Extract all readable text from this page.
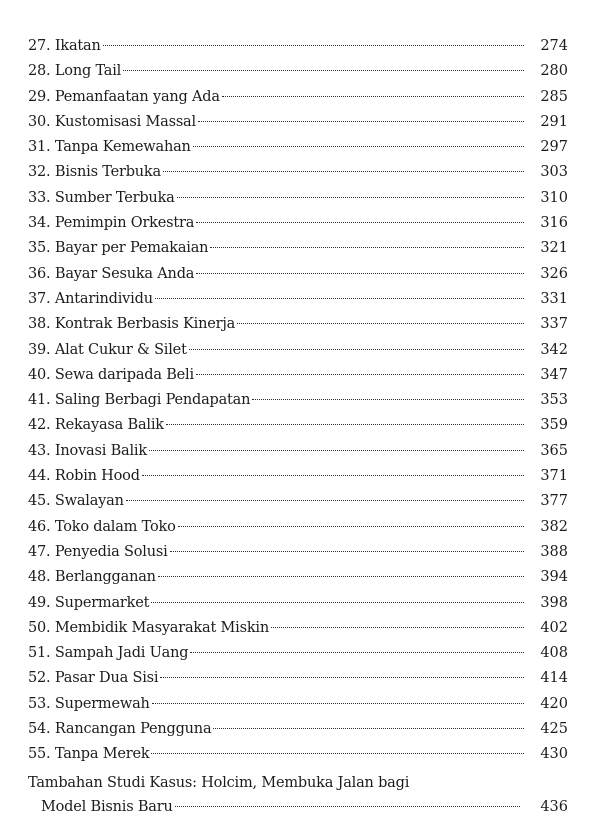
27. Ikatan	274
28. Long Tail	280
29. Pemanfaatan yang Ada	285
30. Kustomisasi Massal	291
31. Tanpa Kemewahan	297
32. Bisnis Terbuka	303
33. Sumber Terbuka	310
34. Pemimpin Orkestra	316
35. Bayar per Pemakaian	321
36. Bayar Sesuka Anda	326
37. Antarindividu	331
38. Kontrak Berbasis Kinerja	337
39. Alat Cukur & Silet	342
40. Sewa daripada Beli	347
41. Saling Berbagi Pendapatan	353
42. Rekayasa Balik	359
43. Inovasi Balik	365
44. Robin Hood	371
45. Swalayan	377
46. Toko dalam Toko	382
47. Penyedia Solusi	388
48. Berlangganan	394
49. Supermarket	398
50. Membidik Masyarakat Miskin	402
51. Sampah Jadi Uang	408
52. Pasar Dua Sisi	414
53. Supermewah	420
54. Rancangan Pengguna	425
55. Tanpa Merek	430
Tambahan Studi Kasus: Holcim, Membuka Jalan bagi
Model Bisnis Baru	436
